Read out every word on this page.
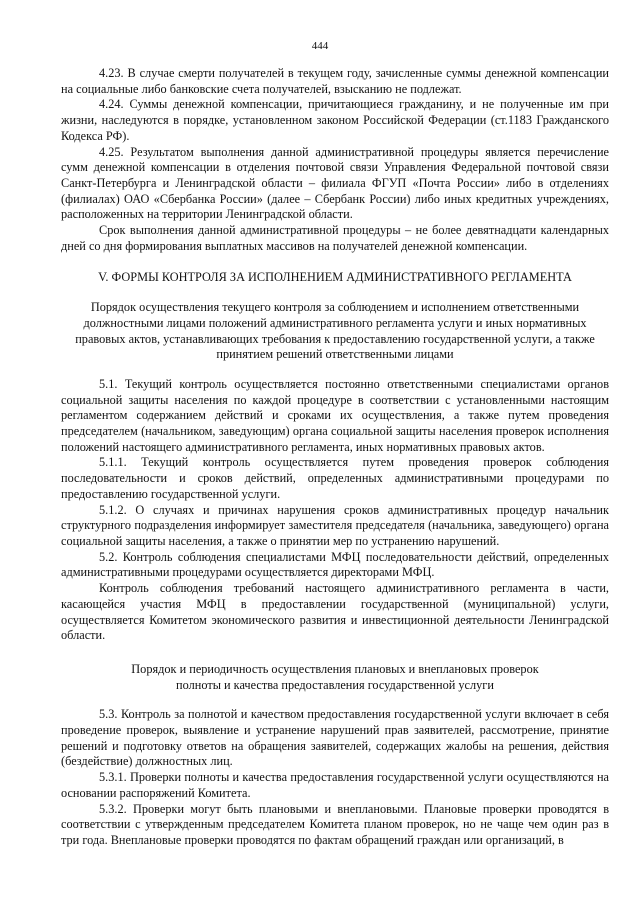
444

4.23. В случае смерти получателей в текущем году, зачисленные суммы денежной компенсации на социальные либо банковские счета получателей, взысканию не подлежат.

4.24. Суммы денежной компенсации, причитающиеся гражданину, и не полученные им при жизни, наследуются в порядке, установленном законом Российской Федерации (ст.1183 Гражданского Кодекса РФ).

4.25. Результатом выполнения данной административной процедуры является перечисление сумм денежной компенсации в отделения почтовой связи Управления Федеральной почтовой связи Санкт-Петербурга и Ленинградской области – филиала ФГУП «Почта России» либо в отделениях (филиалах) ОАО «Сбербанка России» (далее – Сбербанк России) либо иных кредитных учреждениях, расположенных на территории Ленинградской области.

Срок выполнения данной административной процедуры – не более девятнадцати календарных дней со дня формирования выплатных массивов на получателей денежной компенсации.

V. ФОРМЫ КОНТРОЛЯ ЗА ИСПОЛНЕНИЕМ АДМИНИСТРАТИВНОГО РЕГЛАМЕНТА

Порядок осуществления текущего контроля за соблюдением и исполнением ответственными должностными лицами положений административного регламента услуги и иных нормативных правовых актов, устанавливающих требования к предоставлению государственной услуги, а также принятием решений ответственными лицами

5.1. Текущий контроль осуществляется постоянно ответственными специалистами органов социальной защиты населения по каждой процедуре в соответствии с установленными настоящим регламентом содержанием действий и сроками их осуществления, а также путем проведения председателем (начальником, заведующим) органа социальной защиты населения проверок исполнения положений настоящего административного регламента, иных нормативных правовых актов.

5.1.1. Текущий контроль осуществляется путем проведения проверок соблюдения последовательности и сроков действий, определенных административными процедурами по предоставлению государственной услуги.

5.1.2. О случаях и причинах нарушения сроков административных процедур начальник структурного подразделения информирует заместителя председателя (начальника, заведующего) органа социальной защиты населения, а также о принятии мер по устранению нарушений.

5.2. Контроль соблюдения специалистами МФЦ последовательности действий, определенных административными процедурами осуществляется директорами МФЦ.

Контроль соблюдения требований настоящего административного регламента в части, касающейся участия МФЦ в предоставлении государственной (муниципальной) услуги, осуществляется Комитетом экономического развития и инвестиционной деятельности Ленинградской области.

Порядок и периодичность осуществления плановых и внеплановых проверок
полноты и качества предоставления государственной услуги

5.3. Контроль за полнотой и качеством предоставления государственной услуги включает в себя проведение проверок, выявление и устранение нарушений прав заявителей, рассмотрение, принятие решений и подготовку ответов на обращения заявителей, содержащих жалобы на решения, действия (бездействие) должностных лиц.

5.3.1. Проверки полноты и качества предоставления государственной услуги осуществляются на основании распоряжений Комитета.

5.3.2. Проверки могут быть плановыми и внеплановыми. Плановые проверки проводятся в соответствии с утвержденным председателем Комитета планом проверок, но не чаще чем один раз в три года. Внеплановые проверки проводятся по фактам обращений граждан или организаций, в
